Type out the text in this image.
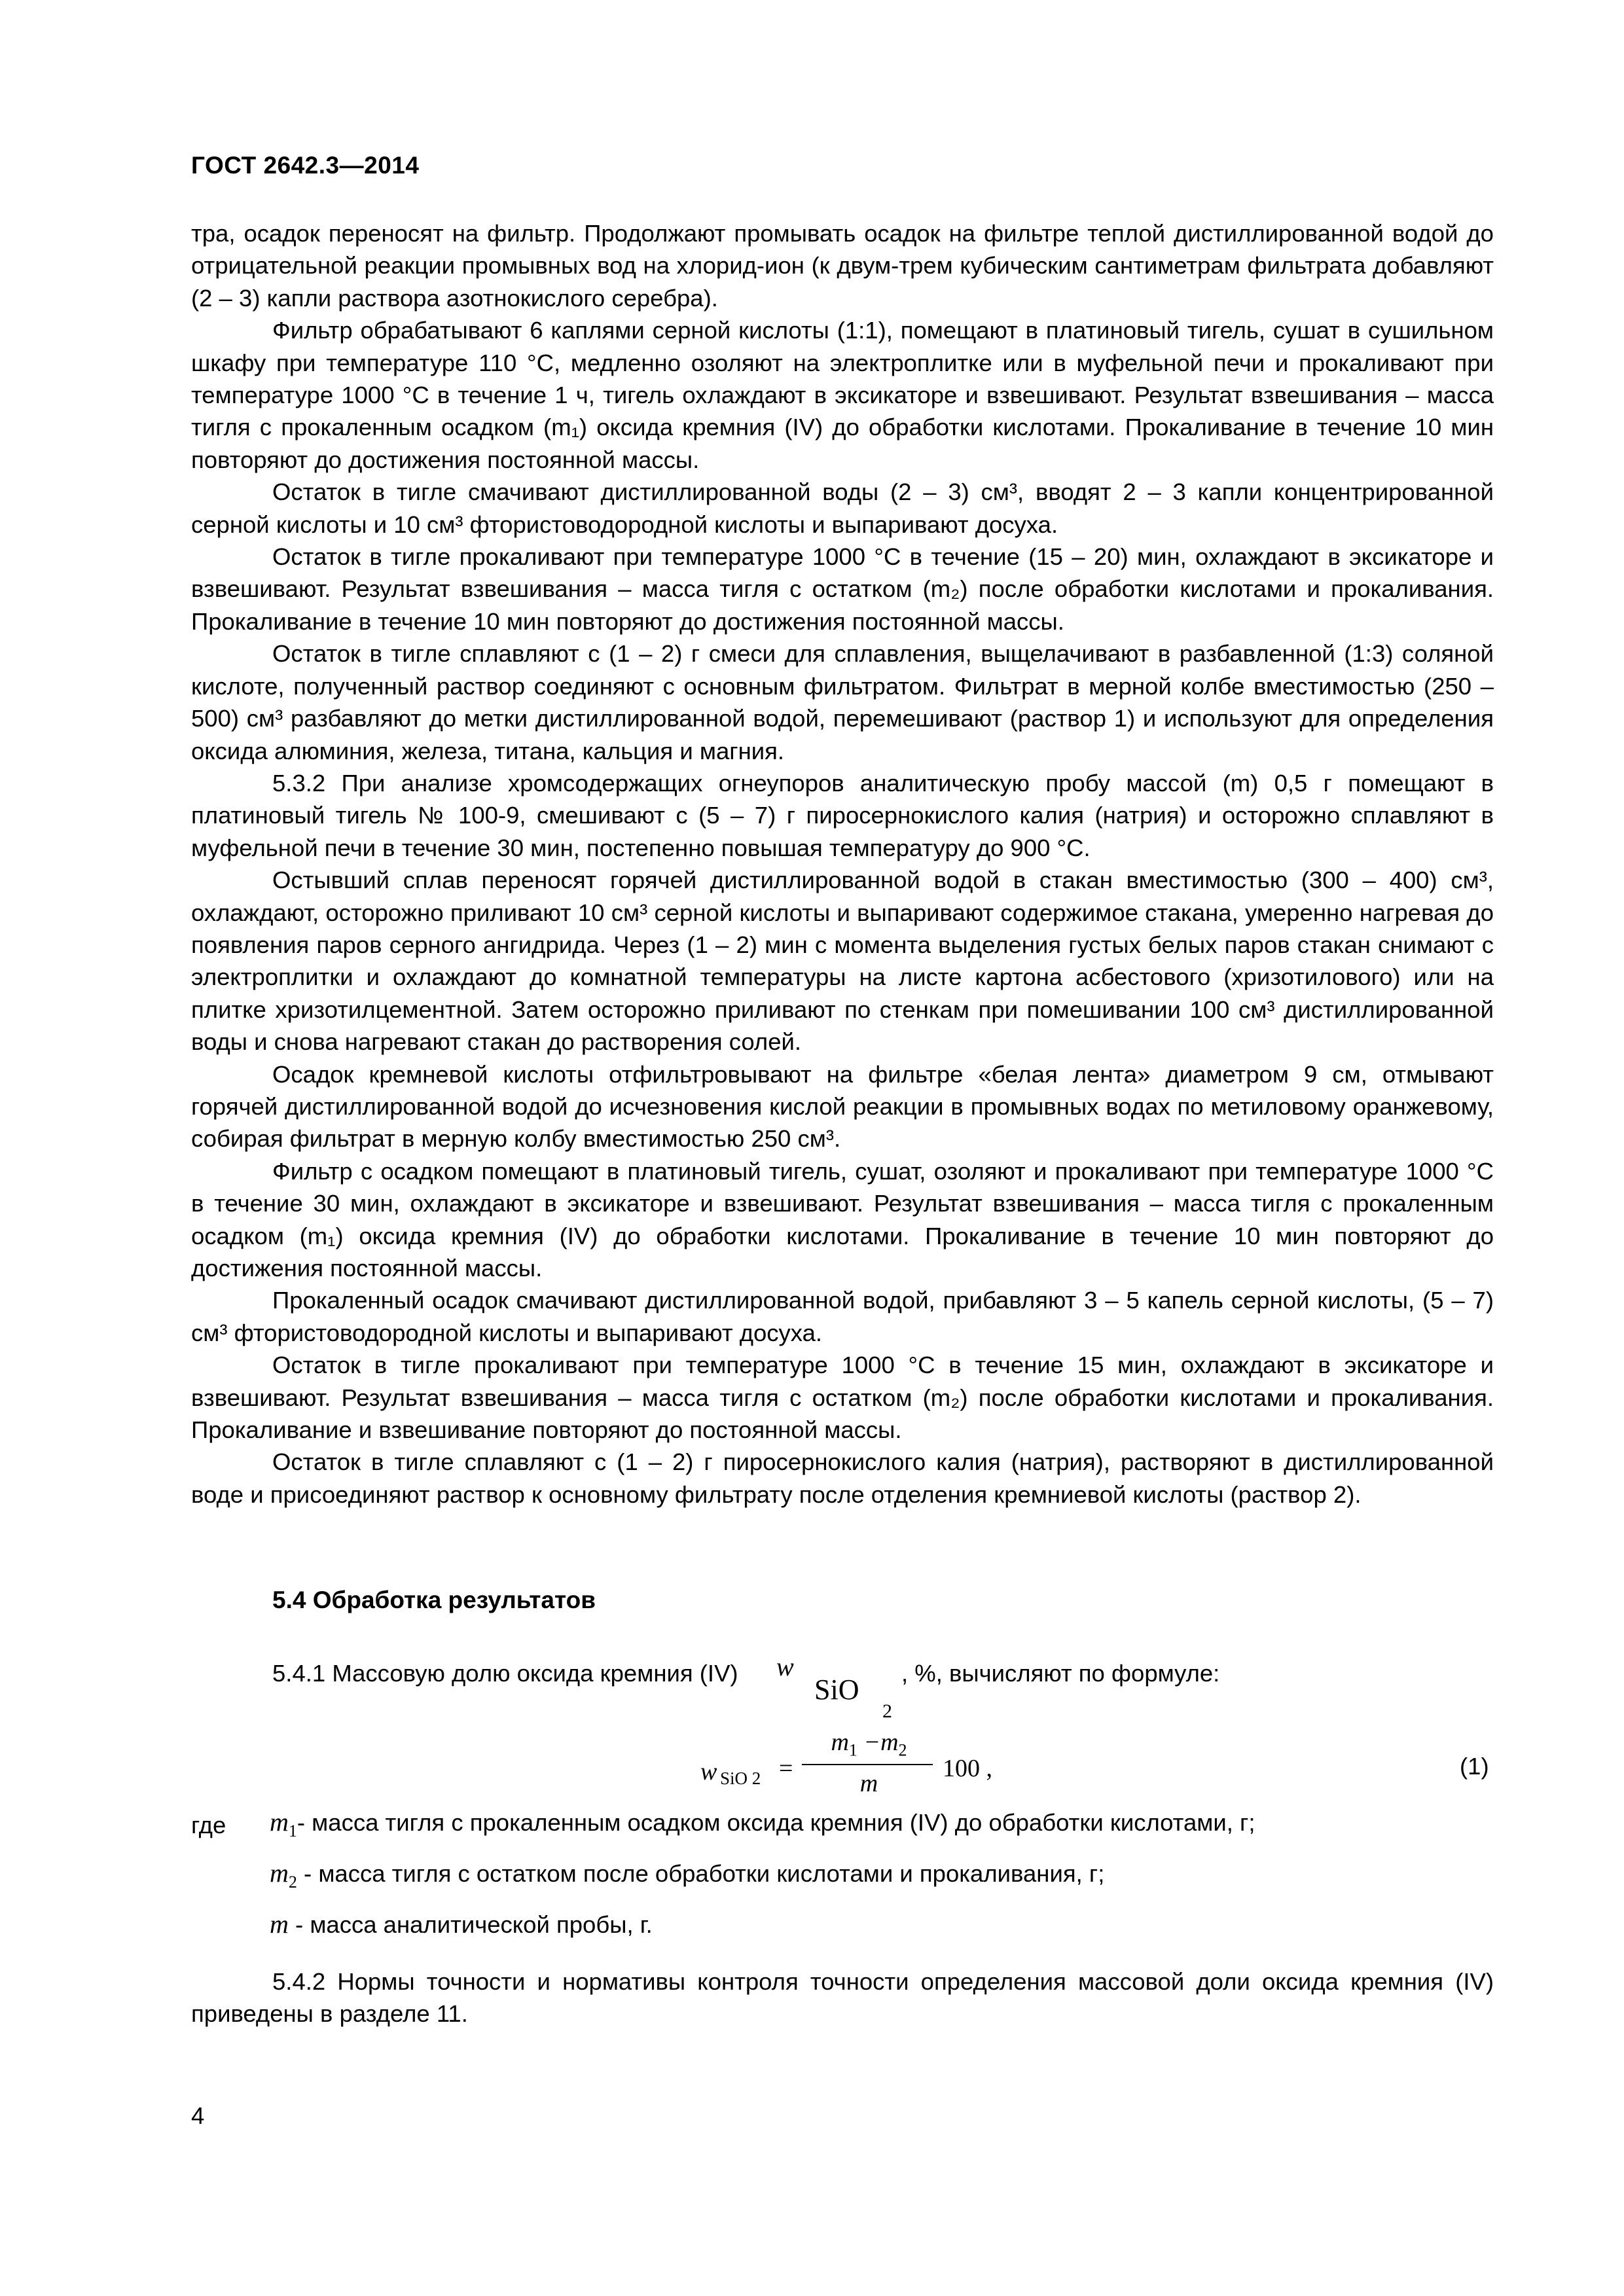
ГОСТ 2642.3—2014

тра, осадок переносят на фильтр. Продолжают промывать осадок на фильтре теплой дистиллированной водой до отрицательной реакции промывных вод на хлорид-ион (к двум-трем кубическим сантиметрам фильтрата добавляют (2 – 3) капли раствора азотнокислого серебра).

Фильтр обрабатывают 6 каплями серной кислоты (1:1), помещают в платиновый тигель, сушат в сушильном шкафу при температуре 110 °С, медленно озоляют на электроплитке или в муфельной печи и прокаливают при температуре 1000 °С в течение 1 ч, тигель охлаждают в эксикаторе и взвешивают. Результат взвешивания – масса тигля с прокаленным осадком (m₁) оксида кремния (IV) до обработки кислотами. Прокаливание в течение 10 мин повторяют до достижения постоянной массы.

Остаток в тигле смачивают дистиллированной воды (2 – 3) см³, вводят 2 – 3 капли концентрированной серной кислоты и 10 см³ фтористоводородной кислоты и выпаривают досуха.

Остаток в тигле прокаливают при температуре 1000 °С в течение (15 – 20) мин, охлаждают в эксикаторе и взвешивают. Результат взвешивания – масса тигля с остатком (m₂) после обработки кислотами и прокаливания. Прокаливание в течение 10 мин повторяют до достижения постоянной массы.

Остаток в тигле сплавляют с (1 – 2) г смеси для сплавления, выщелачивают в разбавленной (1:3) соляной кислоте, полученный раствор соединяют с основным фильтратом. Фильтрат в мерной колбе вместимостью (250 – 500) см³ разбавляют до метки дистиллированной водой, перемешивают (раствор 1) и используют для определения оксида алюминия, железа, титана, кальция и магния.

5.3.2 При анализе хромсодержащих огнеупоров аналитическую пробу массой (m) 0,5 г помещают в платиновый тигель № 100-9, смешивают с (5 – 7) г пиросернокислого калия (натрия) и осторожно сплавляют в муфельной печи в течение 30 мин, постепенно повышая температуру до 900 °С.

Остывший сплав переносят горячей дистиллированной водой в стакан вместимостью (300 – 400) см³, охлаждают, осторожно приливают 10 см³ серной кислоты и выпаривают содержимое стакана, умеренно нагревая до появления паров серного ангидрида. Через (1 – 2) мин с момента выделения густых белых паров стакан снимают с электроплитки и охлаждают до комнатной температуры на листе картона асбестового (хризотилового) или на плитке хризотилцементной. Затем осторожно приливают по стенкам при помешивании 100 см³ дистиллированной воды и снова нагревают стакан до растворения солей.

Осадок кремневой кислоты отфильтровывают на фильтре «белая лента» диаметром 9 см, отмывают горячей дистиллированной водой до исчезновения кислой реакции в промывных водах по метиловому оранжевому, собирая фильтрат в мерную колбу вместимостью 250 см³.

Фильтр с осадком помещают в платиновый тигель, сушат, озоляют и прокаливают при температуре 1000 °С в течение 30 мин, охлаждают в эксикаторе и взвешивают. Результат взвешивания – масса тигля с прокаленным осадком (m₁) оксида кремния (IV) до обработки кислотами. Прокаливание в течение 10 мин повторяют до достижения постоянной массы.

Прокаленный осадок смачивают дистиллированной водой, прибавляют 3 – 5 капель серной кислоты, (5 – 7) см³ фтористоводородной кислоты и выпаривают досуха.

Остаток в тигле прокаливают при температуре 1000 °С в течение 15 мин, охлаждают в эксикаторе и взвешивают. Результат взвешивания – масса тигля с остатком (m₂) после обработки кислотами и прокаливания. Прокаливание и взвешивание повторяют до постоянной массы.

Остаток в тигле сплавляют с (1 – 2) г пиросернокислого калия (натрия), растворяют в дистиллированной воде и присоединяют раствор к основному фильтрату после отделения кремниевой кислоты (раствор 2).

5.4 Обработка результатов
5.4.1 Массовую долю оксида кремния (IV) w
SiO
2
, %, вычисляют по формуле:
w SiO 2 =
$m_1 -m_2$
m
100 ,	(1)
где $m_1-$ масса тигля с прокаленным осадком оксида кремния (IV) до обработки кислотами, г;
$m_2$ - масса тигля с остатком после обработки кислотами и прокаливания, г;
m - масса аналитической пробы, г.

5.4.2 Нормы точности и нормативы контроля точности определения массовой доли оксида кремния (IV) приведены в разделе 11.

4
